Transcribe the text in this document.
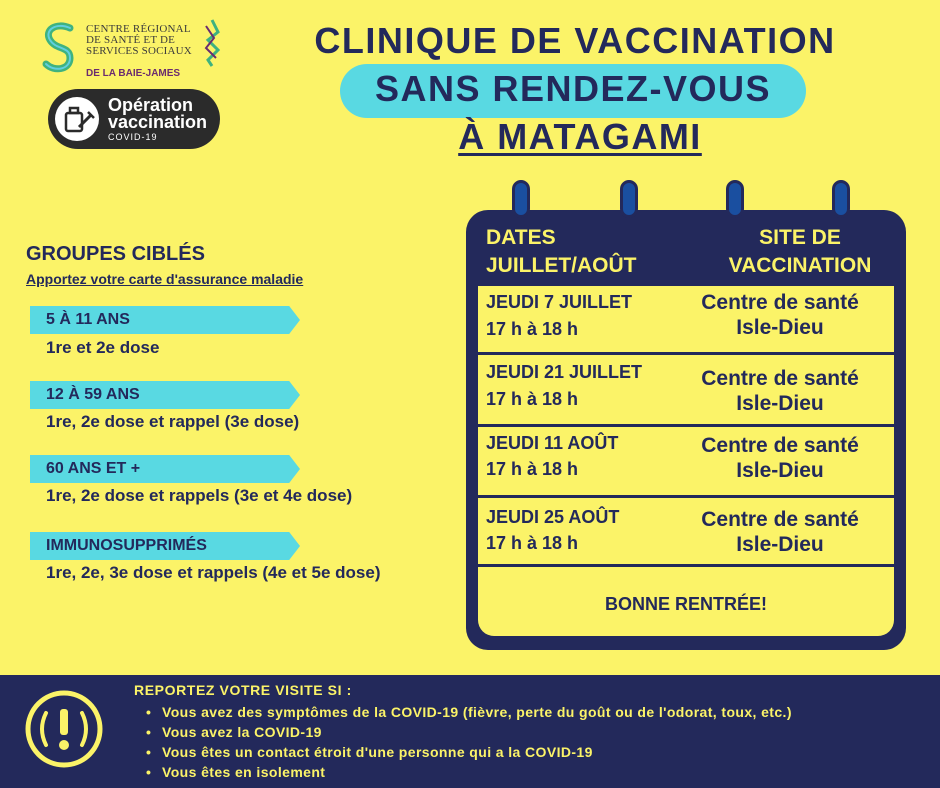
CENTRE RÉGIONAL
DE SANTÉ ET DE
SERVICES SOCIAUX
DE LA BAIE-JAMES
Opération
vaccination
COVID-19
CLINIQUE DE VACCINATION
SANS RENDEZ-VOUS
À MATAGAMI
GROUPES CIBLÉS
Apportez votre carte d'assurance maladie
5 À 11 ANS
1re et 2e dose
12 À 59 ANS
1re, 2e dose et rappel (3e dose)
60 ANS ET +
1re, 2e dose et rappels (3e et 4e dose)
IMMUNOSUPPRIMÉS
1re, 2e, 3e dose et rappels (4e et 5e dose)
DATES
JUILLET/AOÛT
SITE DE
VACCINATION
JEUDI 7 JUILLET
17 h à 18 h
Centre de santé
Isle-Dieu
JEUDI 21 JUILLET
17 h à 18 h
Centre de santé
Isle-Dieu
JEUDI 11 AOÛT
17 h à 18 h
Centre de santé
Isle-Dieu
JEUDI 25 AOÛT
17 h à 18 h
Centre de santé
Isle-Dieu
BONNE RENTRÉE!
REPORTEZ VOTRE VISITE SI :
• Vous avez des symptômes de la COVID-19 (fièvre, perte du goût ou de l'odorat, toux, etc.)
• Vous avez la COVID-19
• Vous êtes un contact étroit d'une personne qui a la COVID-19
• Vous êtes en isolement
